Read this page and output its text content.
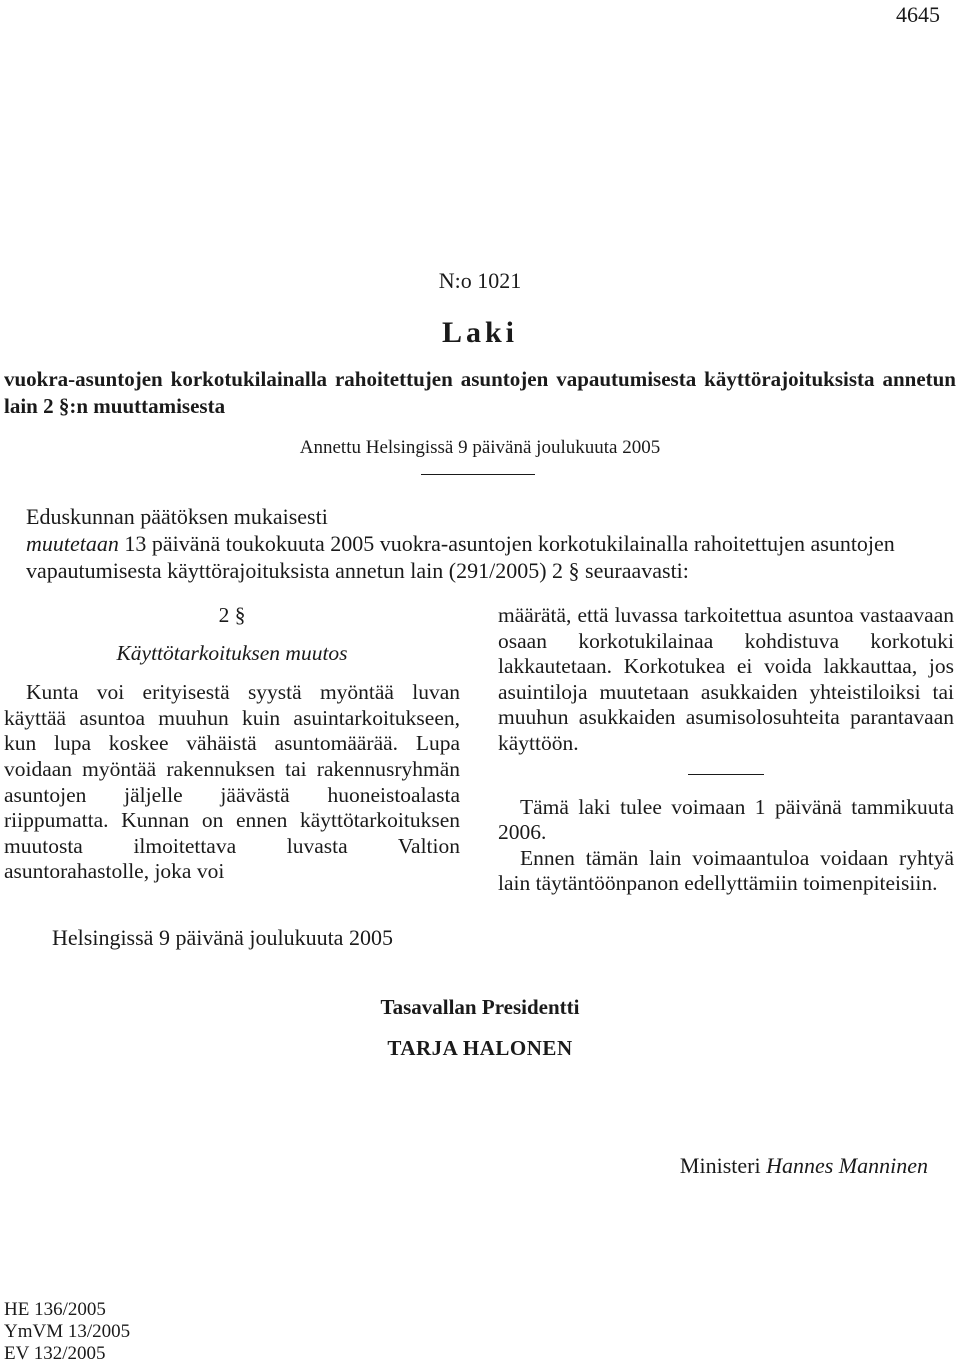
4645
N:o 1021
Laki
vuokra-asuntojen korkotukilainalla rahoitettujen asuntojen vapautumisesta käyttörajoituksista annetun lain 2 §:n muuttamisesta
Annettu Helsingissä 9 päivänä joulukuuta 2005

Eduskunnan päätöksen mukaisesti

muutetaan 13 päivänä toukokuuta 2005 vuokra-asuntojen korkotukilainalla rahoitettujen asuntojen vapautumisesta käyttörajoituksista annetun lain (291/2005) 2 § seuraavasti:

2 §

Käyttötarkoituksen muutos

Kunta voi erityisestä syystä myöntää luvan käyttää asuntoa muuhun kuin asuintarkoitukseen, kun lupa koskee vähäistä asuntomäärää. Lupa voidaan myöntää rakennuksen tai rakennusryhmän asuntojen jäljelle jäävästä huoneistoalasta riippumatta. Kunnan on ennen käyttötarkoituksen muutosta ilmoitettava luvasta Valtion asuntorahastolle, joka voi

määrätä, että luvassa tarkoitettua asuntoa vastaavaan osaan korkotukilainaa kohdistuva korkotuki lakkautetaan. Korkotukea ei voida lakkauttaa, jos asuintiloja muutetaan asukkaiden yhteistiloiksi tai muuhun asukkaiden asumisolosuhteita parantavaan käyttöön.

Tämä laki tulee voimaan 1 päivänä tammikuuta 2006.

Ennen tämän lain voimaantuloa voidaan ryhtyä lain täytäntöönpanon edellyttämiin toimenpiteisiin.

Helsingissä 9 päivänä joulukuuta 2005
Tasavallan Presidentti
TARJA HALONEN
Ministeri Hannes Manninen
HE 136/2005
YmVM 13/2005
EV 132/2005
